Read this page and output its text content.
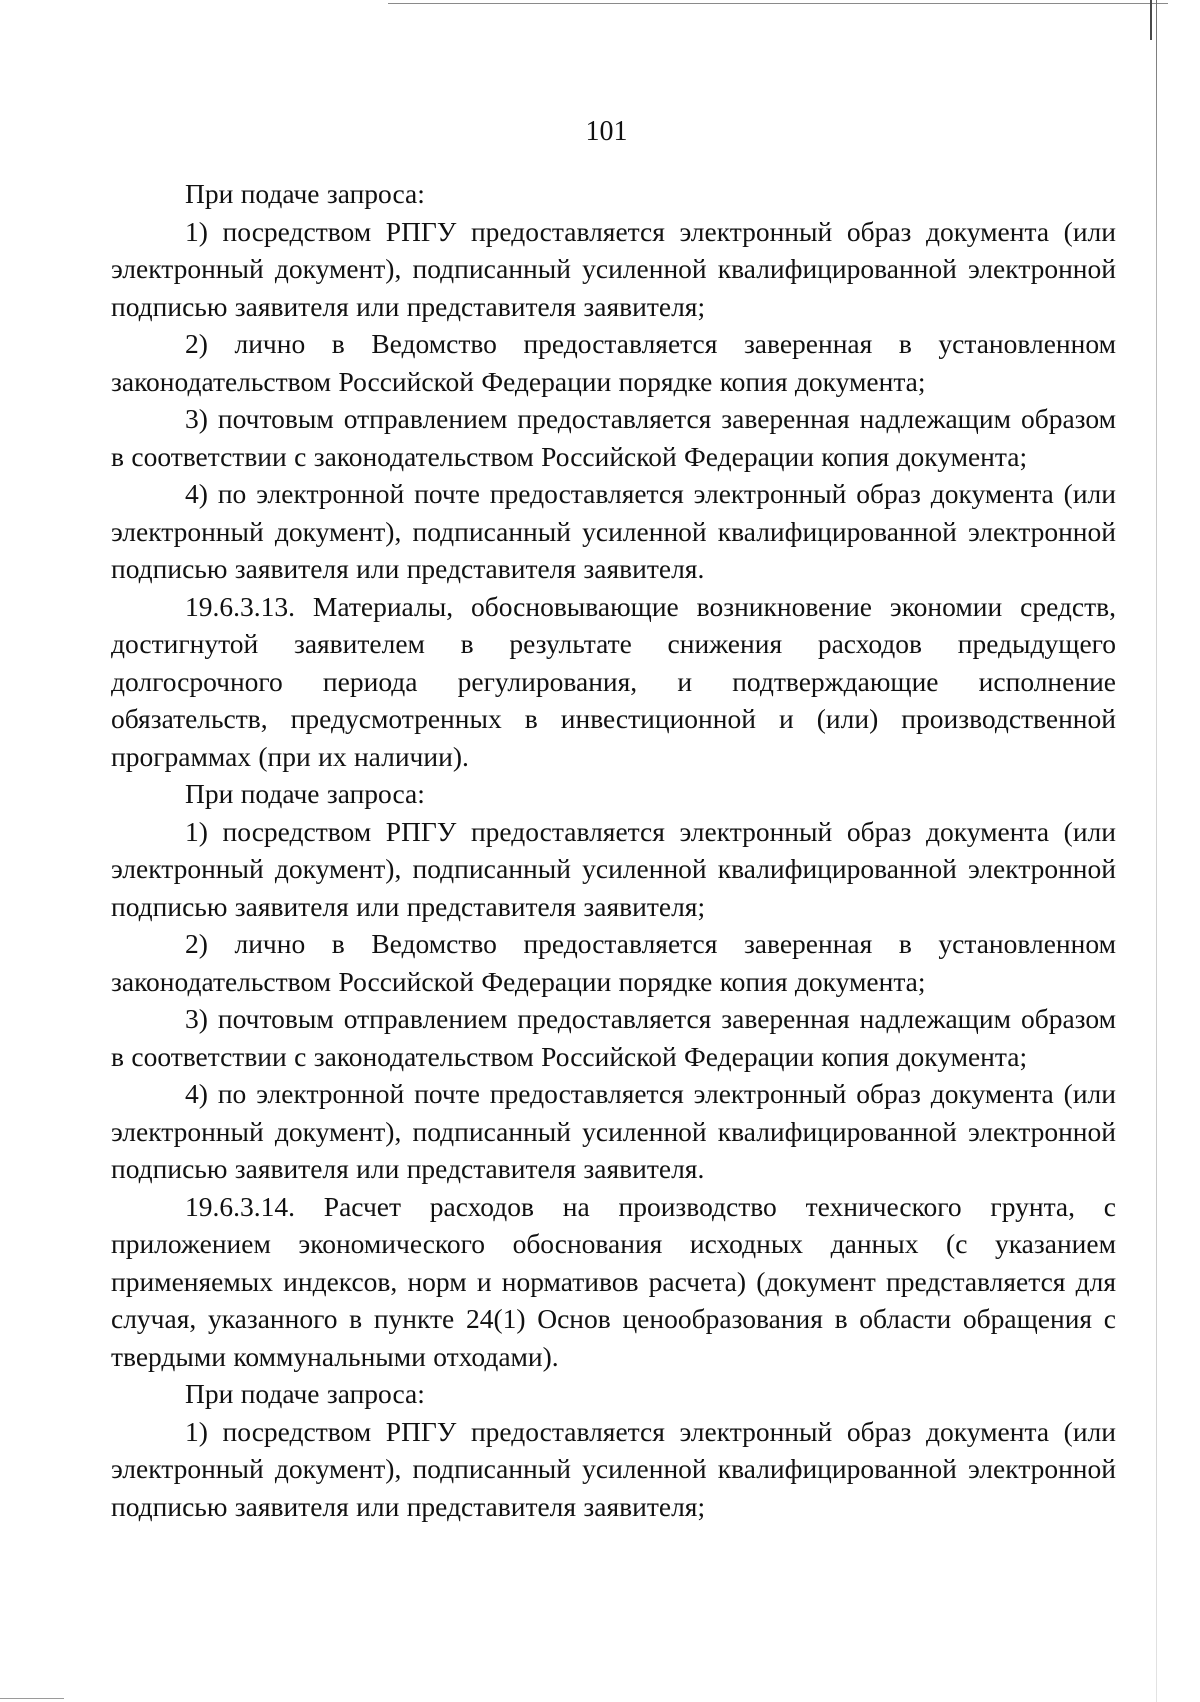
101

При подаче запроса:

1) посредством РПГУ предоставляется электронный образ документа (или электронный документ), подписанный усиленной квалифицированной электронной подписью заявителя или представителя заявителя;

2) лично в Ведомство предоставляется заверенная в установленном законодательством Российской Федерации порядке копия документа;

3) почтовым отправлением предоставляется заверенная надлежащим образом в соответствии с законодательством Российской Федерации копия документа;

4) по электронной почте предоставляется электронный образ документа (или электронный документ), подписанный усиленной квалифицированной электронной подписью заявителя или представителя заявителя.

19.6.3.13. Материалы, обосновывающие возникновение экономии средств, достигнутой заявителем в результате снижения расходов предыдущего долгосрочного периода регулирования, и подтверждающие исполнение обязательств, предусмотренных в инвестиционной и (или) производственной программах (при их наличии).

При подаче запроса:

1) посредством РПГУ предоставляется электронный образ документа (или электронный документ), подписанный усиленной квалифицированной электронной подписью заявителя или представителя заявителя;

2) лично в Ведомство предоставляется заверенная в установленном законодательством Российской Федерации порядке копия документа;

3) почтовым отправлением предоставляется заверенная надлежащим образом в соответствии с законодательством Российской Федерации копия документа;

4) по электронной почте предоставляется электронный образ документа (или электронный документ), подписанный усиленной квалифицированной электронной подписью заявителя или представителя заявителя.

19.6.3.14. Расчет расходов на производство технического грунта, с приложением экономического обоснования исходных данных (с указанием применяемых индексов, норм и нормативов расчета) (документ представляется для случая, указанного в пункте 24(1) Основ ценообразования в области обращения с твердыми коммунальными отходами).

При подаче запроса:

1) посредством РПГУ предоставляется электронный образ документа (или электронный документ), подписанный усиленной квалифицированной электронной подписью заявителя или представителя заявителя;
